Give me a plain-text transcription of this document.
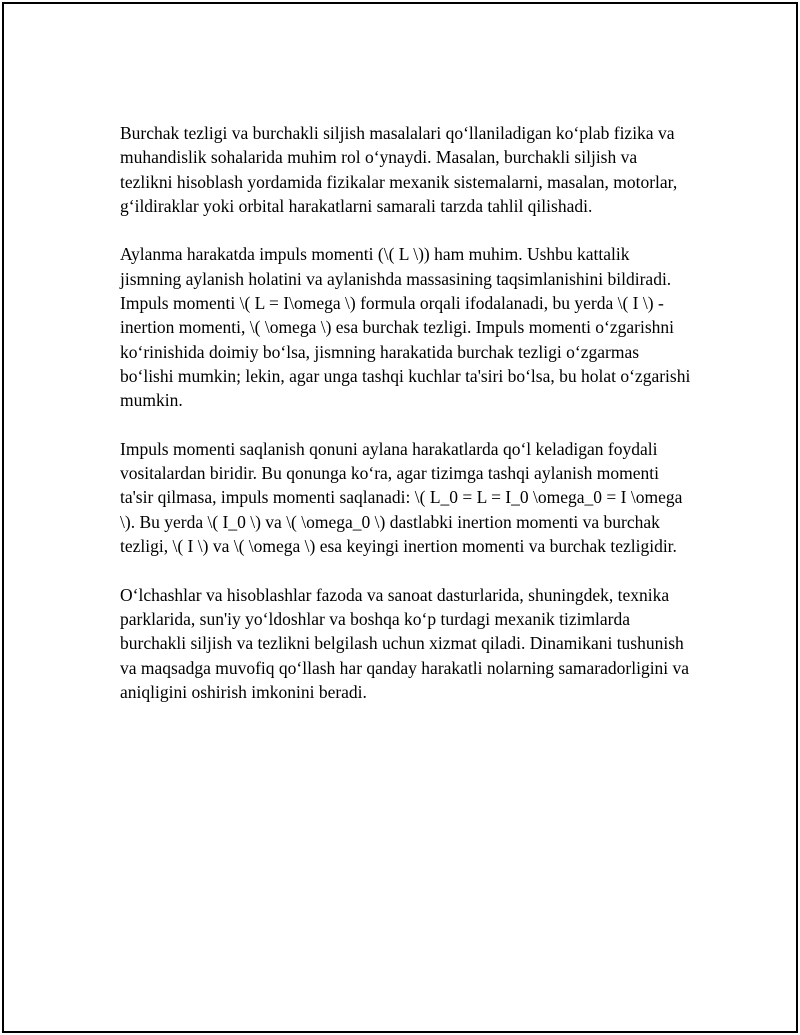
Burchak tezligi va burchakli siljish masalalari qo‘llaniladigan ko‘plab fizika va muhandislik sohalarida muhim rol o‘ynaydi. Masalan, burchakli siljish va tezlikni hisoblash yordamida fizikalar mexanik sistemalarni, masalan, motorlar, g‘ildiraklar yoki orbital harakatlarni samarali tarzda tahlil qilishadi.

Aylanma harakatda impuls momenti (\( L \)) ham muhim. Ushbu kattalik jismning aylanish holatini va aylanishda massasining taqsimlanishini bildiradi. Impuls momenti \( L = I\omega \) formula orqali ifodalanadi, bu yerda \( I \) - inertion momenti, \( \omega \) esa burchak tezligi. Impuls momenti o‘zgarishni ko‘rinishida doimiy bo‘lsa, jismning harakatida burchak tezligi o‘zgarmas bo‘lishi mumkin; lekin, agar unga tashqi kuchlar ta'siri bo‘lsa, bu holat o‘zgarishi mumkin.

Impuls momenti saqlanish qonuni aylana harakatlarda qo‘l keladigan foydali vositalardan biridir. Bu qonunga ko‘ra, agar tizimga tashqi aylanish momenti ta'sir qilmasa, impuls momenti saqlanadi: \( L_0 = L = I_0 \omega_0 = I \omega \). Bu yerda \( I_0 \) va \( \omega_0 \) dastlabki inertion momenti va burchak tezligi, \( I \) va \( \omega \) esa keyingi inertion momenti va burchak tezligidir.

O‘lchashlar va hisoblashlar fazoda va sanoat dasturlarida, shuningdek, texnika parklarida, sun'iy yo‘ldoshlar va boshqa ko‘p turdagi mexanik tizimlarda burchakli siljish va tezlikni belgilash uchun xizmat qiladi. Dinamikani tushunish va maqsadga muvofiq qo‘llash har qanday harakatli nolarning samaradorligini va aniqligini oshirish imkonini beradi.
